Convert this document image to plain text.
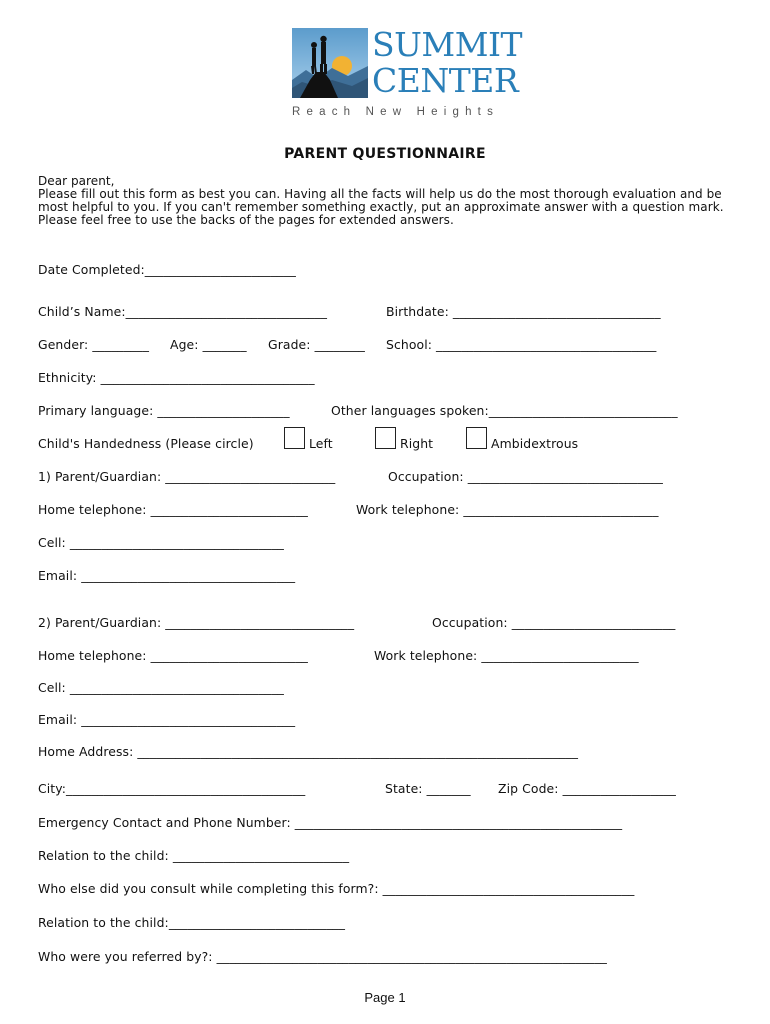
SUMMIT
CENTER
Reach New Heights
PARENT QUESTIONNAIRE
Dear parent,
Please fill out this form as best you can. Having all the facts will help us do the most thorough evaluation and be
most helpful to you. If you can't remember something exactly, put an approximate answer with a question mark.
Please feel free to use the backs of the pages for extended answers.
Date Completed:________________________
Child’s Name:________________________________	Birthdate: _________________________________
Gender: _________ Age: _______ Grade: ________ School: ___________________________________
Ethnicity: __________________________________
Primary language: _____________________	Other languages spoken:______________________________
Child's Handedness (Please circle)	Left	Right	Ambidextrous
1) Parent/Guardian: ___________________________	Occupation: _______________________________
Home telephone: _________________________	Work telephone: _______________________________
Cell: __________________________________
Email: __________________________________
2) Parent/Guardian: ______________________________	Occupation: __________________________
Home telephone: _________________________	Work telephone: _________________________
Cell: __________________________________
Email: __________________________________
Home Address: ______________________________________________________________________
City:______________________________________	State: _______ Zip Code: __________________
Emergency Contact and Phone Number: ____________________________________________________
Relation to the child: ____________________________
Who else did you consult while completing this form?: ________________________________________
Relation to the child:____________________________
Who were you referred by?: ______________________________________________________________
Page 1
